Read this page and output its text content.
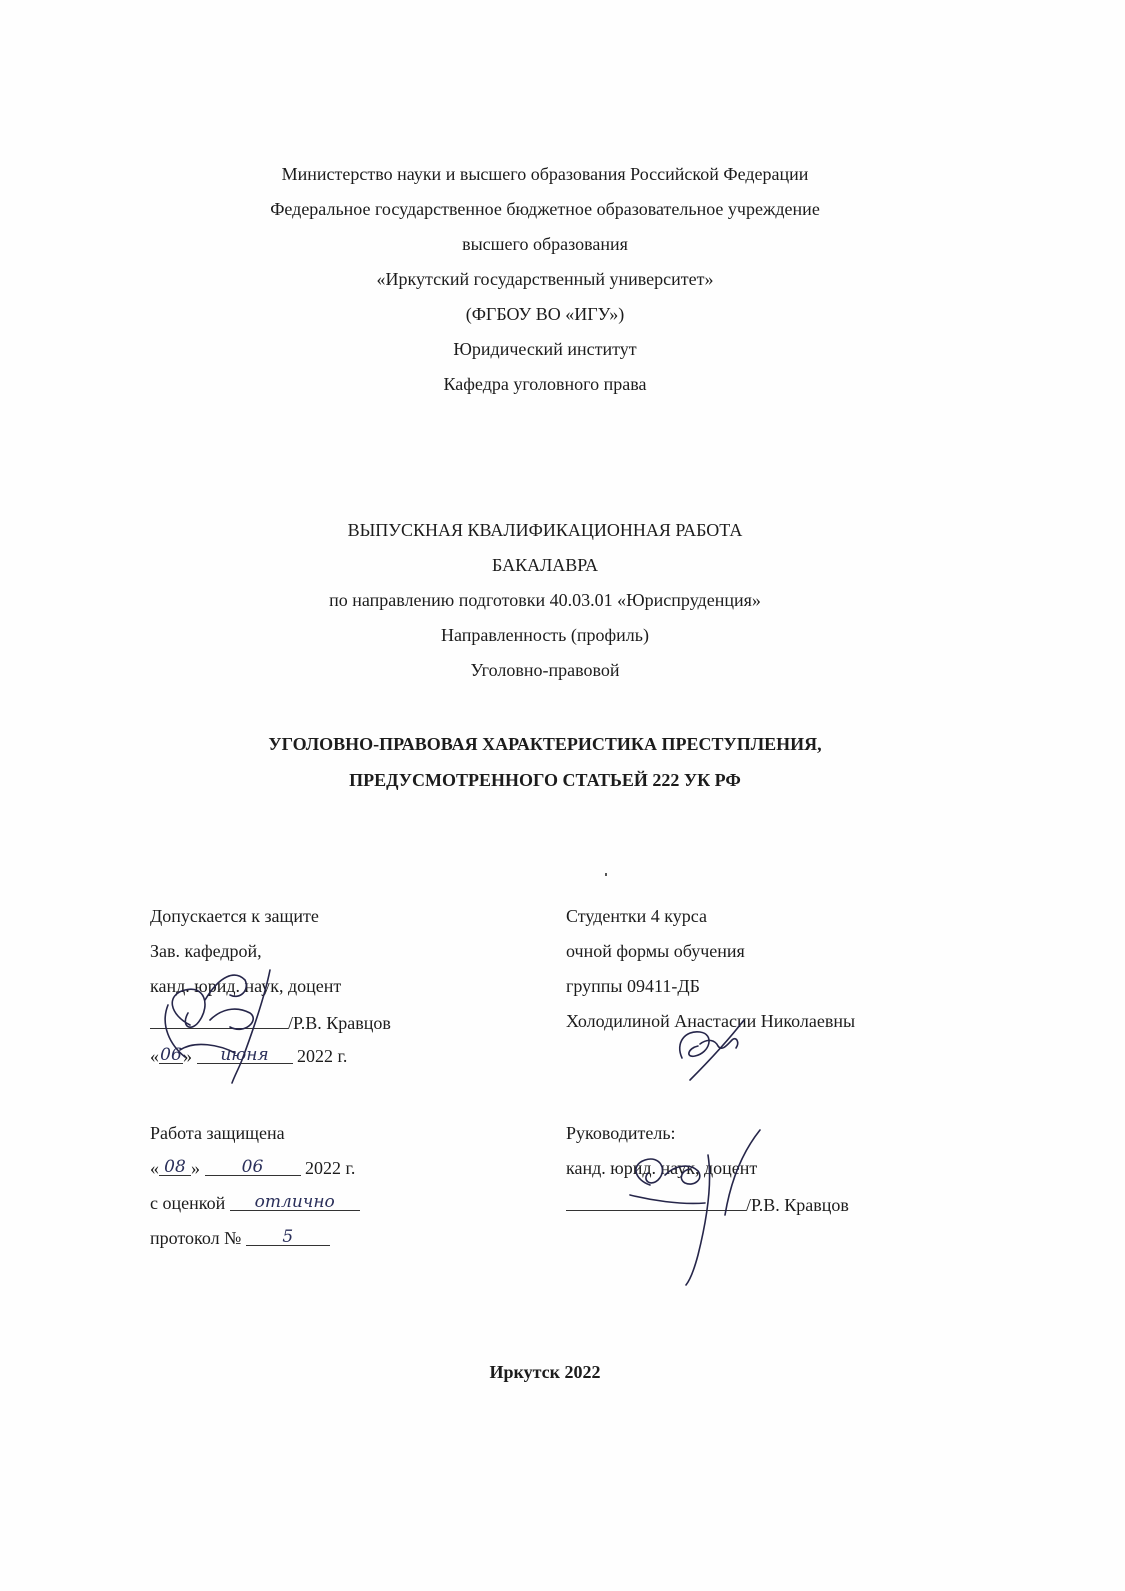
Министерство науки и высшего образования Российской Федерации
Федеральное государственное бюджетное образовательное учреждение
высшего образования
«Иркутский государственный университет»
(ФГБОУ ВО «ИГУ»)
Юридический институт
Кафедра уголовного права
ВЫПУСКНАЯ КВАЛИФИКАЦИОННАЯ РАБОТА
БАКАЛАВРА
по направлению подготовки 40.03.01 «Юриспруденция»
Направленность (профиль)
Уголовно-правовой
УГОЛОВНО-ПРАВОВАЯ ХАРАКТЕРИСТИКА ПРЕСТУПЛЕНИЯ,
ПРЕДУСМОТРЕННОГО СТАТЬЕЙ 222 УК РФ
Допускается к защите
Зав. кафедрой,
канд. юрид. наук, доцент
/Р.В. Кравцов
«06» июня 2022 г.
Работа защищена
« 08 » 06 2022 г.
с оценкой отлично
протокол № 5
Студентки 4 курса
очной формы обучения
группы 09411-ДБ
Холодилиной Анастасии Николаевны
Руководитель:
канд. юрид. наук, доцент
/Р.В. Кравцов
Иркутск 2022
